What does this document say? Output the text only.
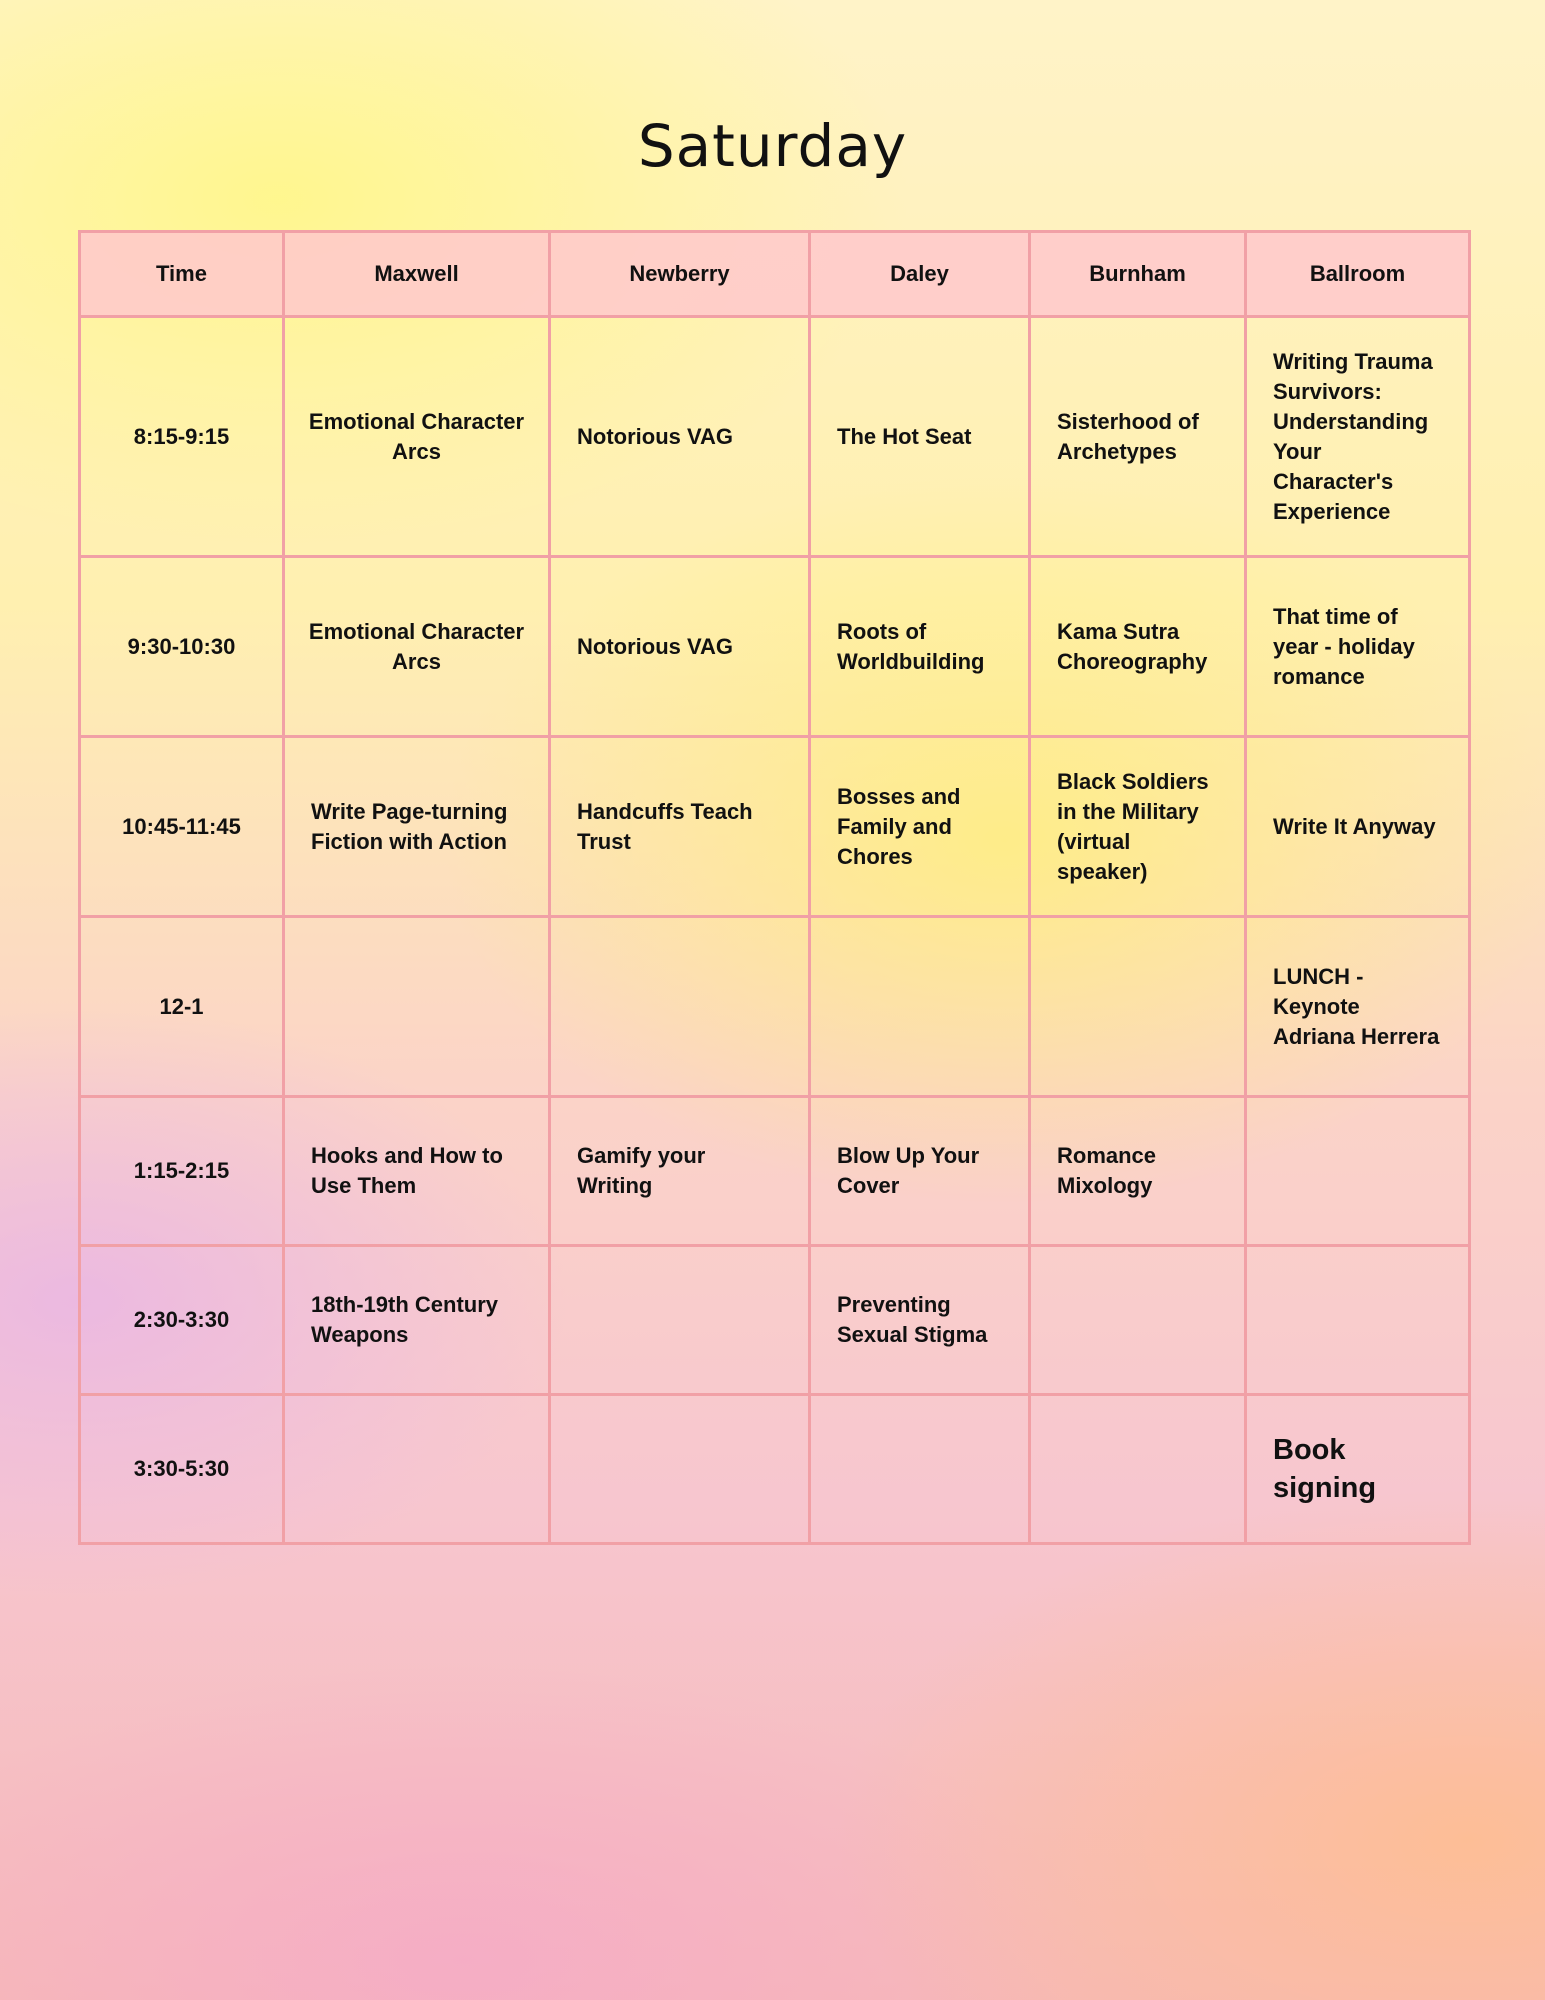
Saturday
Time	Maxwell	Newberry	Daley	Burnham	Ballroom
8:15-9:15	Emotional Character Arcs	Notorious VAG	The Hot Seat	Sisterhood of Archetypes	Writing Trauma Survivors: Understanding Your Character's Experience
9:30-10:30	Emotional Character Arcs	Notorious VAG	Roots of Worldbuilding	Kama Sutra Choreography	That time of year - holiday romance
10:45-11:45	Write Page-turning Fiction with Action	Handcuffs Teach Trust	Bosses and Family and Chores	Black Soldiers in the Military (virtual speaker)	Write It Anyway
12-1					LUNCH - Keynote Adriana Herrera
1:15-2:15	Hooks and How to Use Them	Gamify your Writing	Blow Up Your Cover	Romance Mixology	
2:30-3:30	18th-19th Century Weapons		Preventing Sexual Stigma		
3:30-5:30					Book signing
